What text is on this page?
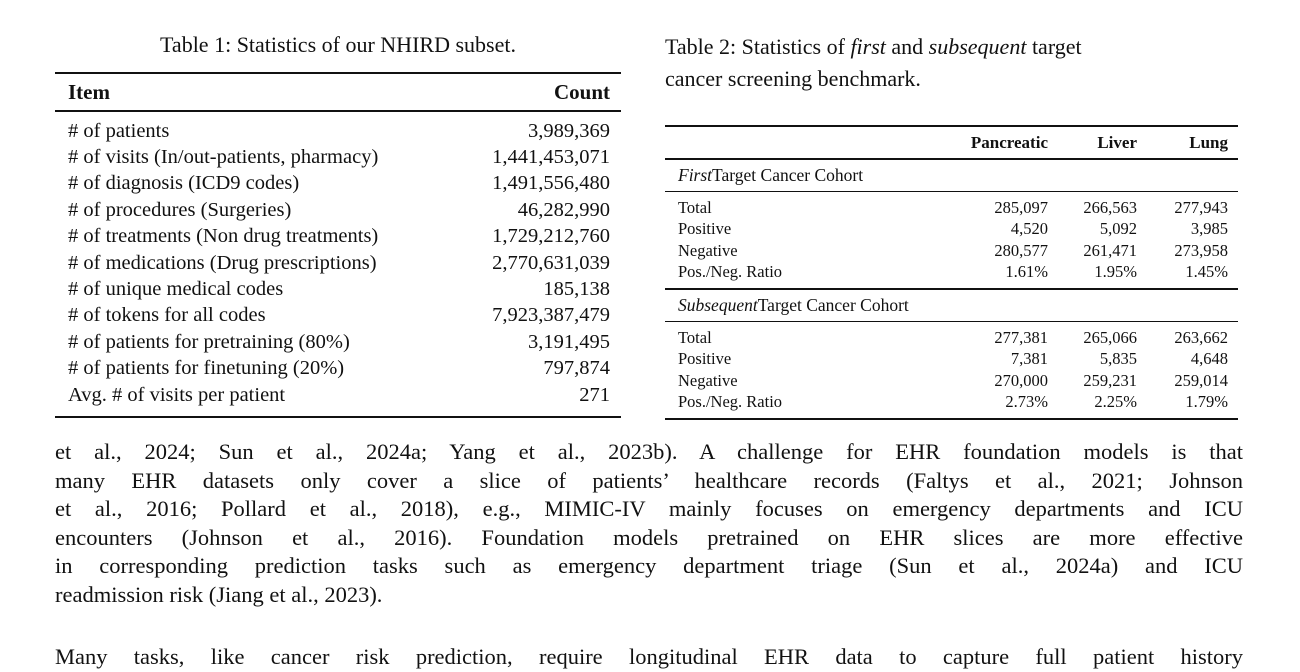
Table 1: Statistics of our NHIRD subset.
Item	Count
# of patients	3,989,369
# of visits (In/out-patients, pharmacy)	1,441,453,071
# of diagnosis (ICD9 codes)	1,491,556,480
# of procedures (Surgeries)	46,282,990
# of treatments (Non drug treatments)	1,729,212,760
# of medications (Drug prescriptions)	2,770,631,039
# of unique medical codes	185,138
# of tokens for all codes	7,923,387,479
# of patients for pretraining (80%)	3,191,495
# of patients for finetuning (20%)	797,874
Avg. # of visits per patient	271
Table 2: Statistics of first and subsequent target
cancer screening benchmark.
Pancreatic	Liver	Lung
First Target Cancer Cohort
Total	285,097	266,563	277,943
Positive	4,520	5,092	3,985
Negative	280,577	261,471	273,958
Pos./Neg. Ratio	1.61%	1.95%	1.45%
Subsequent Target Cancer Cohort
Total	277,381	265,066	263,662
Positive	7,381	5,835	4,648
Negative	270,000	259,231	259,014
Pos./Neg. Ratio	2.73%	2.25%	1.79%
et al., 2024; Sun et al., 2024a; Yang et al., 2023b). A challenge for EHR foundation models is that
many EHR datasets only cover a slice of patients’ healthcare records (Faltys et al., 2021; Johnson
et al., 2016; Pollard et al., 2018), e.g., MIMIC-IV mainly focuses on emergency departments and ICU
encounters (Johnson et al., 2016). Foundation models pretrained on EHR slices are more effective
in corresponding prediction tasks such as emergency department triage (Sun et al., 2024a) and ICU
readmission risk (Jiang et al., 2023).
Many tasks, like cancer risk prediction, require longitudinal EHR data to capture full patient history
